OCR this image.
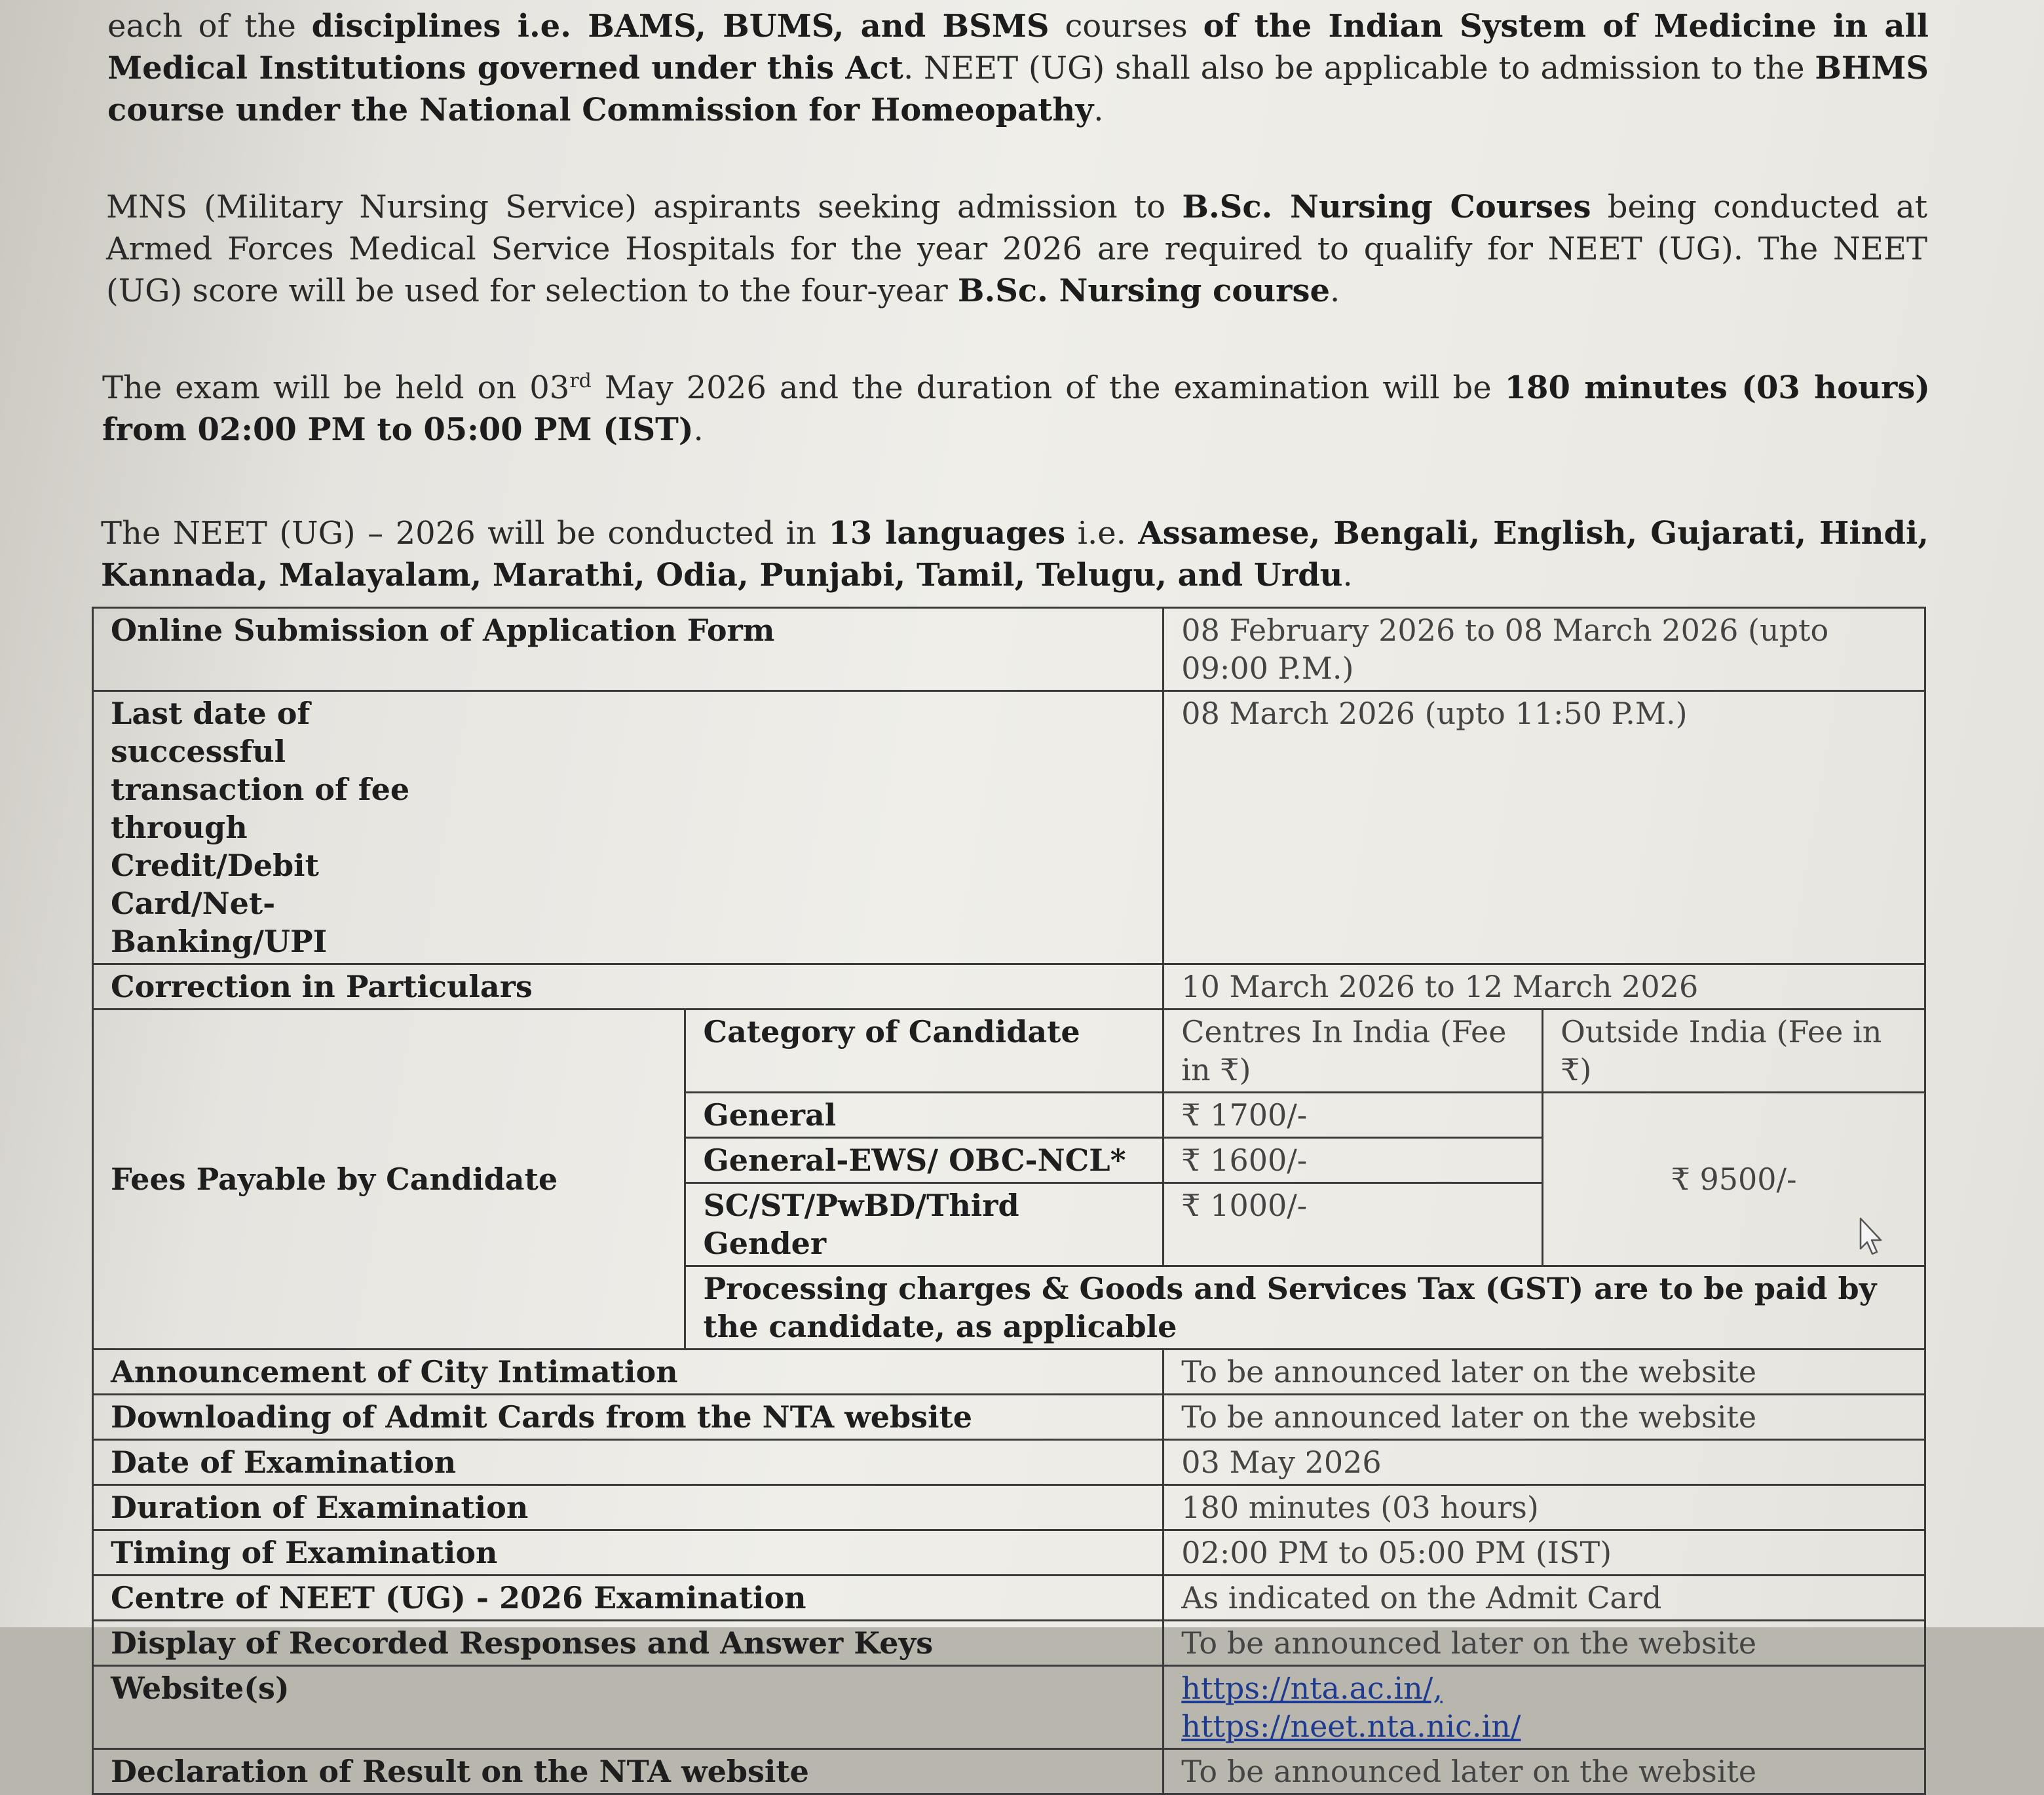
each of the disciplines i.e. BAMS, BUMS, and BSMS courses of the Indian System of Medicine in all Medical Institutions governed under this Act. NEET (UG) shall also be applicable to admission to the BHMS course under the National Commission for Homeopathy.

MNS (Military Nursing Service) aspirants seeking admission to B.Sc. Nursing Courses being conducted at Armed Forces Medical Service Hospitals for the year 2026 are required to qualify for NEET (UG). The NEET (UG) score will be used for selection to the four-year B.Sc. Nursing course.

The exam will be held on 03rd May 2026 and the duration of the examination will be 180 minutes (03 hours) from 02:00 PM to 05:00 PM (IST).

The NEET (UG) – 2026 will be conducted in 13 languages i.e. Assamese, Bengali, English, Gujarati, Hindi, Kannada, Malayalam, Marathi, Odia, Punjabi, Tamil, Telugu, and Urdu.

Online Submission of Application Form		08 February 2026 to 08 March 2026 (upto 09:00 P.M.)	
Last date of successful transaction of fee through Credit/Debit Card/Net-Banking/UPI		08 March 2026 (upto 11:50 P.M.)	
Correction in Particulars		10 March 2026 to 12 March 2026	
Fees Payable by Candidate	Category of Candidate	Centres In India (Fee in ₹)	Outside India (Fee in ₹)
	General	₹ 1700/-	₹ 9500/-
	General-EWS/ OBC-NCL*	₹ 1600/-	
	SC/ST/PwBD/Third Gender	₹ 1000/-	
	Processing charges & Goods and Services Tax (GST) are to be paid by the candidate, as applicable		
Announcement of City Intimation		To be announced later on the website	
Downloading of Admit Cards from the NTA website		To be announced later on the website	
Date of Examination		03 May 2026	
Duration of Examination		180 minutes (03 hours)	
Timing of Examination		02:00 PM to 05:00 PM (IST)	
Centre of NEET (UG) - 2026 Examination		As indicated on the Admit Card	
Display of Recorded Responses and Answer Keys		To be announced later on the website	
Website(s)		https://nta.ac.in/,
https://neet.nta.nic.in/	
Declaration of Result on the NTA website		To be announced later on the website	
